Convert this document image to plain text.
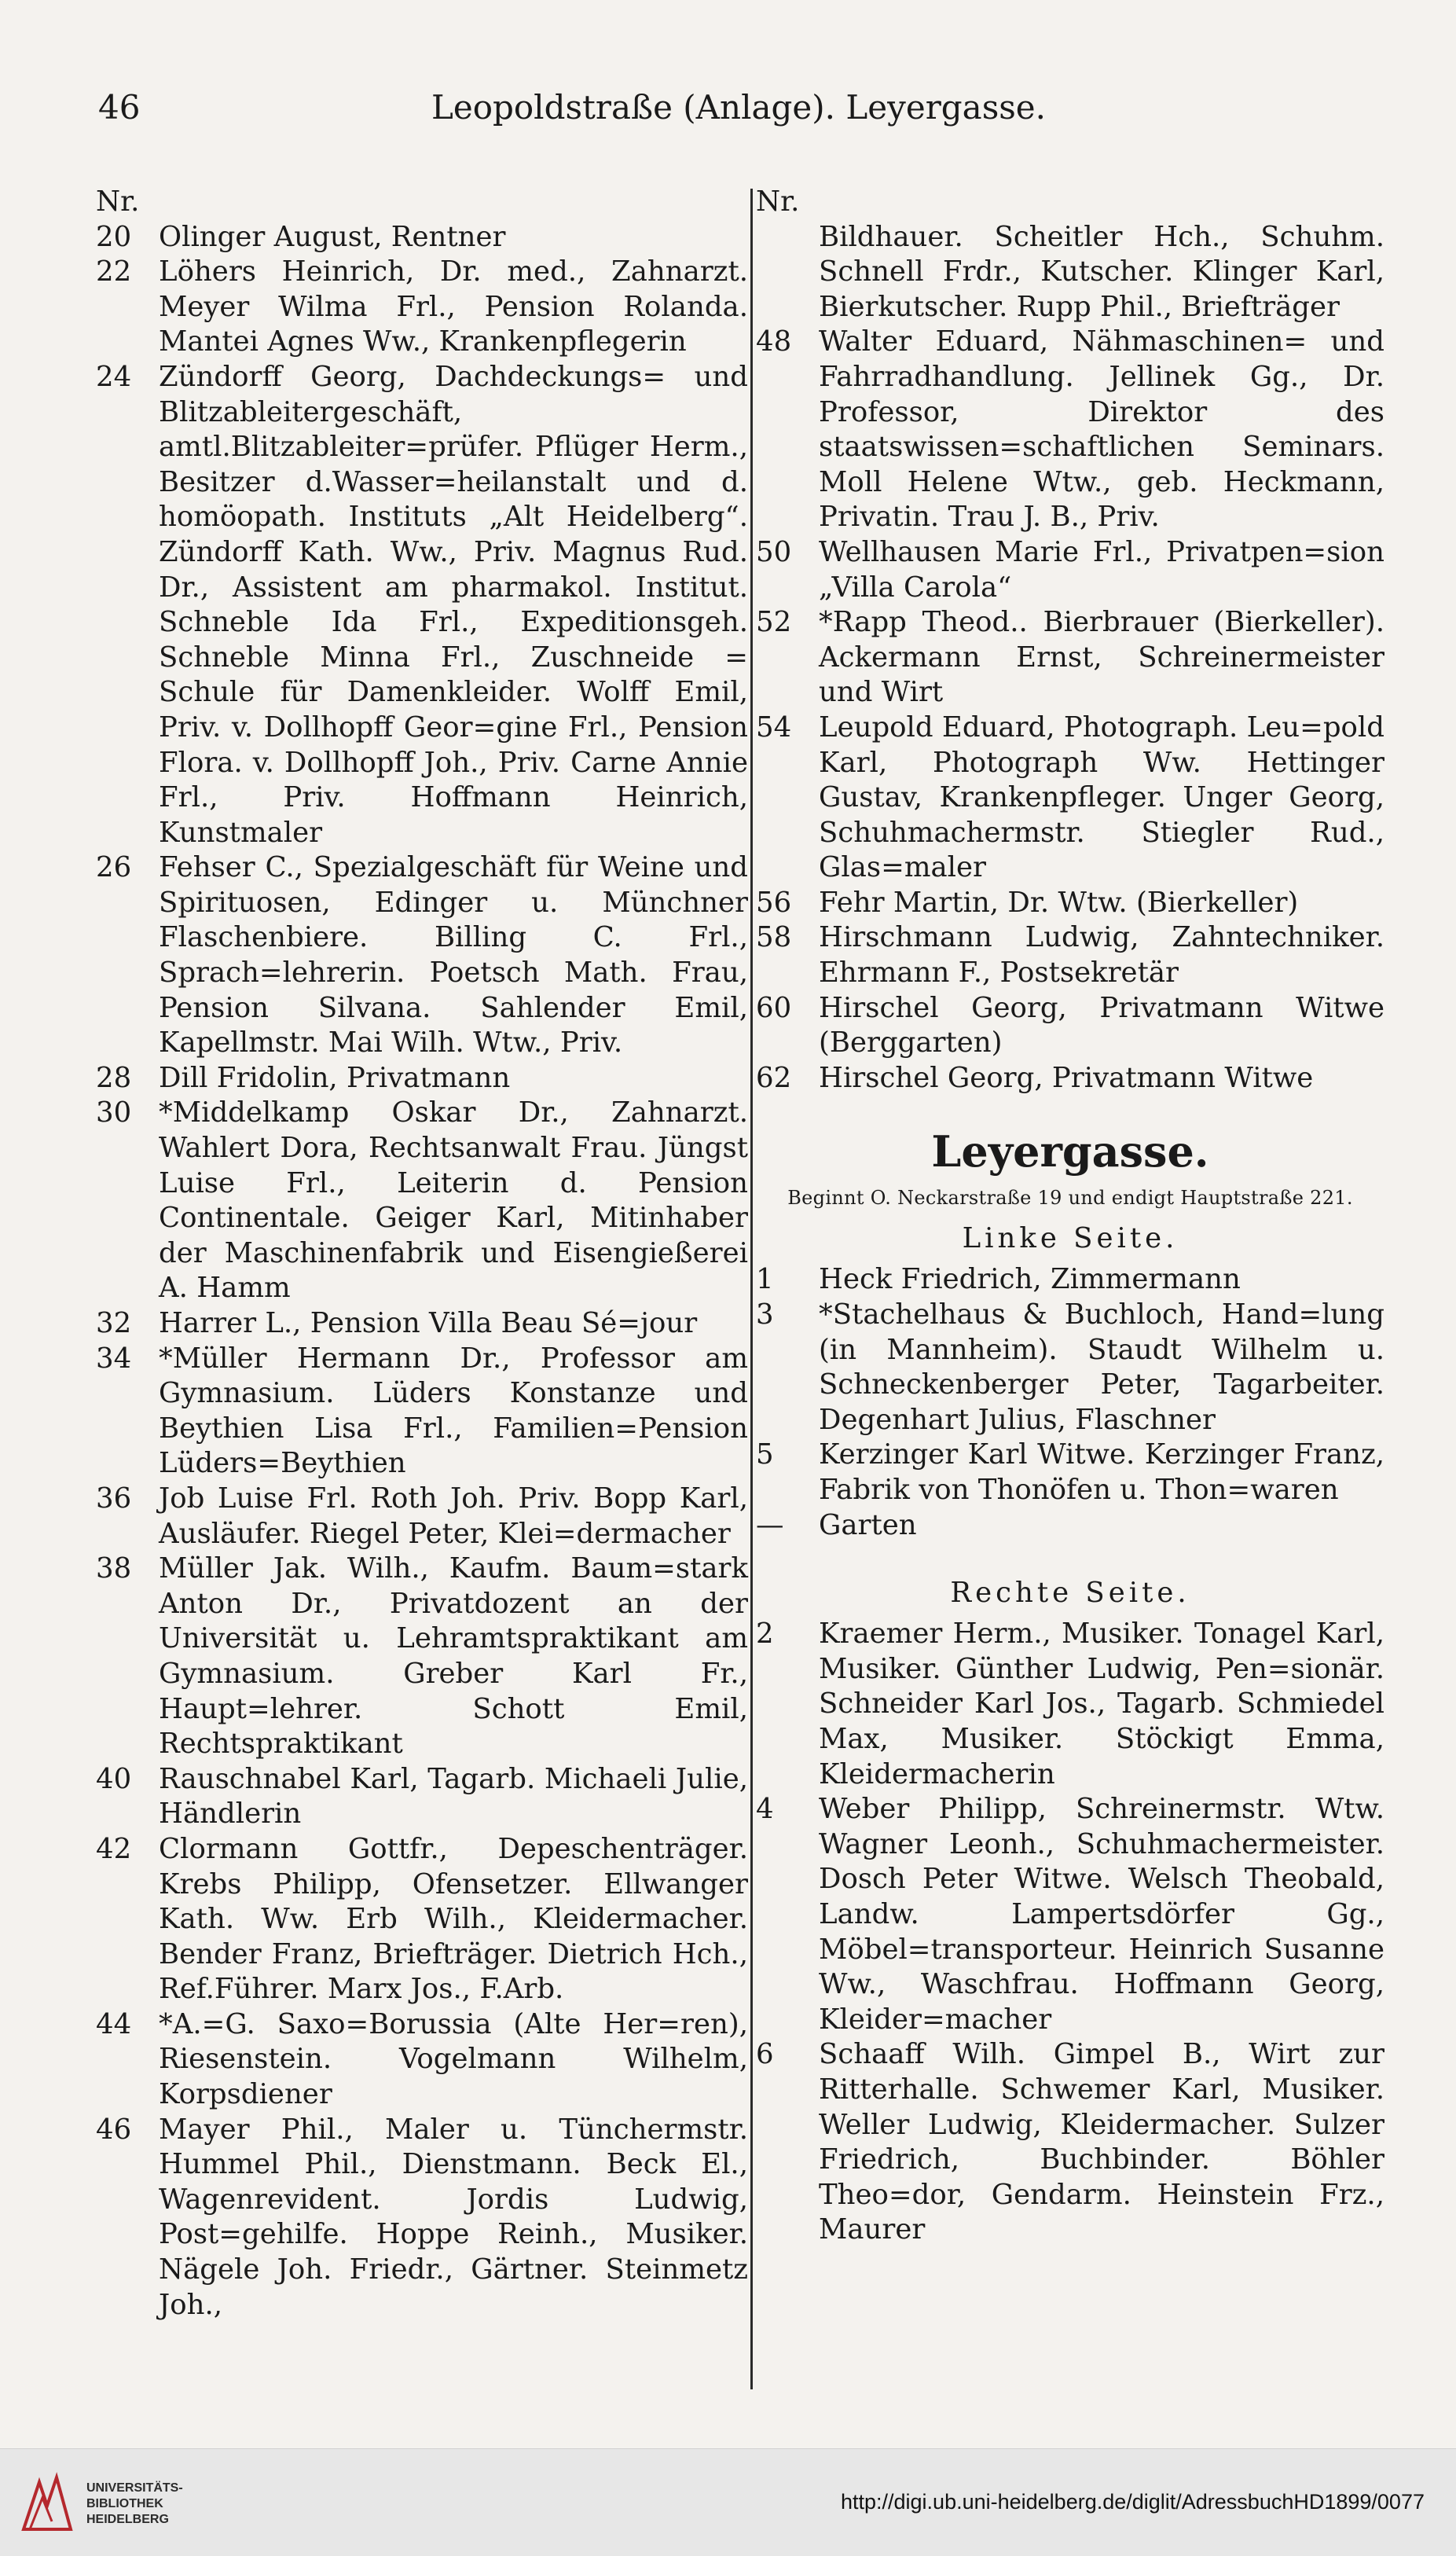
46	Leopoldstraße (Anlage). Leyergasse.
Nr.
20 Olinger August, Rentner
22 Löhers Heinrich, Dr. med., Zahnarzt. Meyer Wilma Frl., Pension Rolanda. Mantei Agnes Ww., Krankenpflegerin
24 Zündorff Georg, Dachdeckungs= und Blitzableitergeschäft, amtl.Blitzableiter=prüfer. Pflüger Herm., Besitzer d.Wasser=heilanstalt und d. homöopath. Instituts „Alt Heidelberg“. Zündorff Kath. Ww., Priv. Magnus Rud. Dr., Assistent am pharmakol. Institut. Schneble Ida Frl., Expeditionsgeh. Schneble Minna Frl., Zuschneide = Schule für Damenkleider. Wolff Emil, Priv. v. Dollhopff Geor=gine Frl., Pension Flora. v. Dollhopff Joh., Priv. Carne Annie Frl., Priv. Hoffmann Heinrich, Kunstmaler
26 Fehser C., Spezialgeschäft für Weine und Spirituosen, Edinger u. Münchner Flaschenbiere. Billing C. Frl., Sprach=lehrerin. Poetsch Math. Frau, Pension Silvana. Sahlender Emil, Kapellmstr. Mai Wilh. Wtw., Priv.
28 Dill Fridolin, Privatmann
30 *Middelkamp Oskar Dr., Zahnarzt. Wahlert Dora, Rechtsanwalt Frau. Jüngst Luise Frl., Leiterin d. Pension Continentale. Geiger Karl, Mitinhaber der Maschinenfabrik und Eisengießerei A. Hamm
32 Harrer L., Pension Villa Beau Sé=jour
34 *Müller Hermann Dr., Professor am Gymnasium. Lüders Konstanze und Beythien Lisa Frl., Familien=Pension Lüders=Beythien
36 Job Luise Frl. Roth Joh. Priv. Bopp Karl, Ausläufer. Riegel Peter, Klei=dermacher
38 Müller Jak. Wilh., Kaufm. Baum=stark Anton Dr., Privatdozent an der Universität u. Lehramtspraktikant am Gymnasium. Greber Karl Fr., Haupt=lehrer. Schott Emil, Rechtspraktikant
40 Rauschnabel Karl, Tagarb. Michaeli Julie, Händlerin
42 Clormann Gottfr., Depeschenträger. Krebs Philipp, Ofensetzer. Ellwanger Kath. Ww. Erb Wilh., Kleidermacher. Bender Franz, Briefträger. Dietrich Hch., Ref.Führer. Marx Jos., F.Arb.
44 *A.=G. Saxo=Borussia (Alte Her=ren), Riesenstein. Vogelmann Wilhelm, Korpsdiener
46 Mayer Phil., Maler u. Tünchermstr. Hummel Phil., Dienstmann. Beck El., Wagenrevident. Jordis Ludwig, Post=gehilfe. Hoppe Reinh., Musiker. Nägele Joh. Friedr., Gärtner. Steinmetz Joh.,
Nr.
Bildhauer. Scheitler Hch., Schuhm. Schnell Frdr., Kutscher. Klinger Karl, Bierkutscher. Rupp Phil., Briefträger
48 Walter Eduard, Nähmaschinen= und Fahrradhandlung. Jellinek Gg., Dr. Professor, Direktor des staatswissen=schaftlichen Seminars. Moll Helene Wtw., geb. Heckmann, Privatin. Trau J. B., Priv.
50 Wellhausen Marie Frl., Privatpen=sion „Villa Carola“
52 *Rapp Theod.. Bierbrauer (Bierkeller). Ackermann Ernst, Schreinermeister und Wirt
54 Leupold Eduard, Photograph. Leu=pold Karl, Photograph Ww. Hettinger Gustav, Krankenpfleger. Unger Georg, Schuhmachermstr. Stiegler Rud., Glas=maler
56 Fehr Martin, Dr. Wtw. (Bierkeller)
58 Hirschmann Ludwig, Zahntechniker. Ehrmann F., Postsekretär
60 Hirschel Georg, Privatmann Witwe (Berggarten)
62 Hirschel Georg, Privatmann Witwe
Leyergasse.
Beginnt O. Neckarstraße 19 und endigt Hauptstraße 221.
Linke Seite.
1	Heck Friedrich, Zimmermann
3	*Stachelhaus & Buchloch, Hand=lung (in Mannheim). Staudt Wilhelm u. Schneckenberger Peter, Tagarbeiter. Degenhart Julius, Flaschner
5	Kerzinger Karl Witwe. Kerzinger Franz, Fabrik von Thonöfen u. Thon=waren
—	Garten
Rechte Seite.
2	Kraemer Herm., Musiker. Tonagel Karl, Musiker. Günther Ludwig, Pen=sionär. Schneider Karl Jos., Tagarb. Schmiedel Max, Musiker. Stöckigt Emma, Kleidermacherin
4	Weber Philipp, Schreinermstr. Wtw. Wagner Leonh., Schuhmachermeister. Dosch Peter Witwe. Welsch Theobald, Landw. Lampertsdörfer Gg., Möbel=transporteur. Heinrich Susanne Ww., Waschfrau. Hoffmann Georg, Kleider=macher
6	Schaaff Wilh. Gimpel B., Wirt zur Ritterhalle. Schwemer Karl, Musiker. Weller Ludwig, Kleidermacher. Sulzer Friedrich, Buchbinder. Böhler Theo=dor, Gendarm. Heinstein Frz., Maurer
UNIVERSITÄTS-
BIBLIOTHEK
HEIDELBERG
http://digi.ub.uni-heidelberg.de/diglit/AdressbuchHD1899/0077
